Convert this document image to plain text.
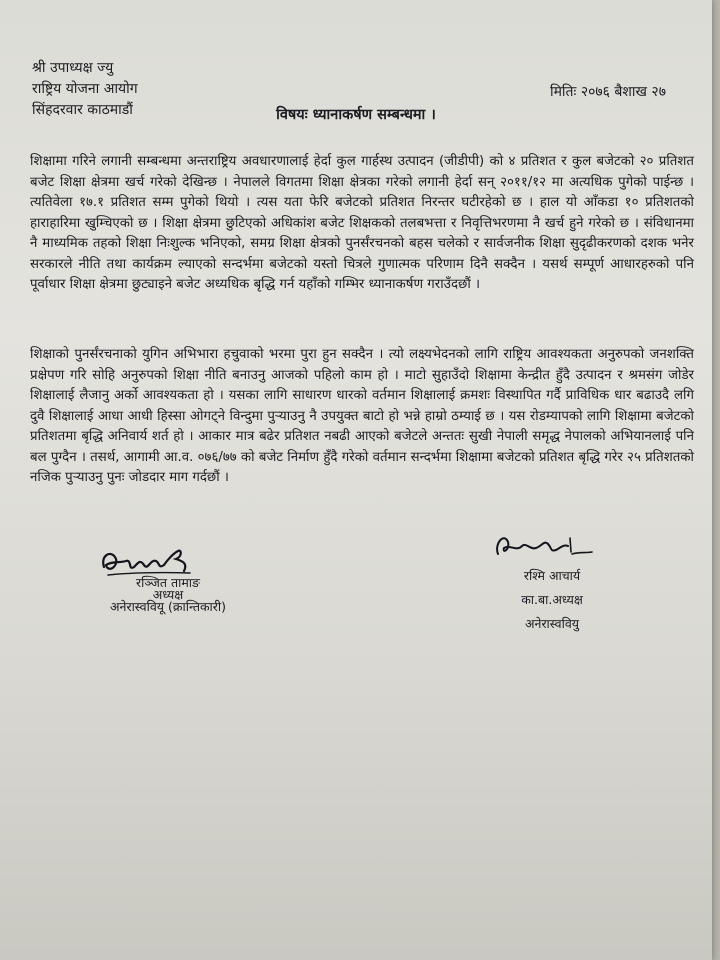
श्री उपाध्यक्ष ज्यु
राष्ट्रिय योजना आयोग
सिंहदरवार काठमाडौं
मितिः २०७६ बैशाख २७
विषयः ध्यानाकर्षण सम्बन्धमा ।
शिक्षामा गरिने लगानी सम्बन्धमा अन्तराष्ट्रिय अवधारणालाई हेर्दा कुल गार्हस्थ उत्पादन (जीडीपी) को ४ प्रतिशत र कुल बजेटको २० प्रतिशत बजेट शिक्षा क्षेत्रमा खर्च गरेको देखिन्छ । नेपालले विगतमा शिक्षा क्षेत्रका गरेको लगानी हेर्दा सन् २०११/१२ मा अत्यधिक पुगेको पाईन्छ । त्यतिवेला १७.१ प्रतिशत सम्म पुगेको थियो । त्यस यता फेरि बजेटको प्रतिशत निरन्तर घटीरहेको छ । हाल यो आँकडा १० प्रतिशतको हाराहारिमा खुम्चिएको छ । शिक्षा क्षेत्रमा छुटिएको अधिकांश बजेट शिक्षकको तलबभत्ता र निवृत्तिभरणमा नै खर्च हुने गरेको छ । संविधानमा नै माध्यमिक तहको शिक्षा निःशुल्क भनिएको, समग्र शिक्षा क्षेत्रको पुनर्संरचनको बहस चलेको र सार्वजनीक शिक्षा सुदृढीकरणको दशक भनेर सरकारले नीति तथा कार्यक्रम ल्याएको सन्दर्भमा बजेटको यस्तो चित्रले गुणात्मक परिणाम दिनै सक्दैन । यसर्थ सम्पूर्ण आधारहरुको पनि पूर्वाधार शिक्षा क्षेत्रमा छुट्याइने बजेट अध्यधिक बृद्धि गर्न यहाँको गम्भिर ध्यानाकर्षण गराउँदछौं ।
शिक्षाको पुनर्संरचनाको युगिन अभिभारा हचुवाको भरमा पुरा हुन सक्दैन । त्यो लक्ष्यभेदनको लागि राष्ट्रिय आवश्यकता अनुरुपको जनशक्ति प्रक्षेपण गरि सोहि अनुरुपको शिक्षा नीति बनाउनु आजको पहिलो काम हो । माटो सुहाउँदो शिक्षामा केन्द्रीत हुँदै उत्पादन र श्रमसंग जोडेर शिक्षालाई लैजानु अर्को आवश्यकता हो । यसका लागि साधारण धारको वर्तमान शिक्षालाई क्रमशः विस्थापित गर्दै प्राविधिक धार बढाउदै लगि दुवै शिक्षालाई आधा आधी हिस्सा ओगट्ने विन्दुमा पुऱ्याउनु नै उपयुक्त बाटो हो भन्ने हाम्रो ठम्याई छ । यस रोडम्यापको लागि शिक्षामा बजेटको प्रतिशतमा बृद्धि अनिवार्य शर्त हो । आकार मात्र बढेर प्रतिशत नबढी आएको बजेटले अन्ततः सुखी नेपाली समृद्ध नेपालको अभियानलाई पनि बल पुग्दैन । तसर्थ, आगामी आ.व. ०७६/७७ को बजेट निर्माण हुँदै गरेको वर्तमान सन्दर्भमा शिक्षामा बजेटको प्रतिशत बृद्धि गरेर २५ प्रतिशतको नजिक पुऱ्याउनु पुनः जोडदार माग गर्दछौं ।
रञ्जित तामाङ
अध्यक्ष
अनेरास्ववियू (क्रान्तिकारी)
रश्मि आचार्य
का.बा.अध्यक्ष
अनेरास्ववियु
